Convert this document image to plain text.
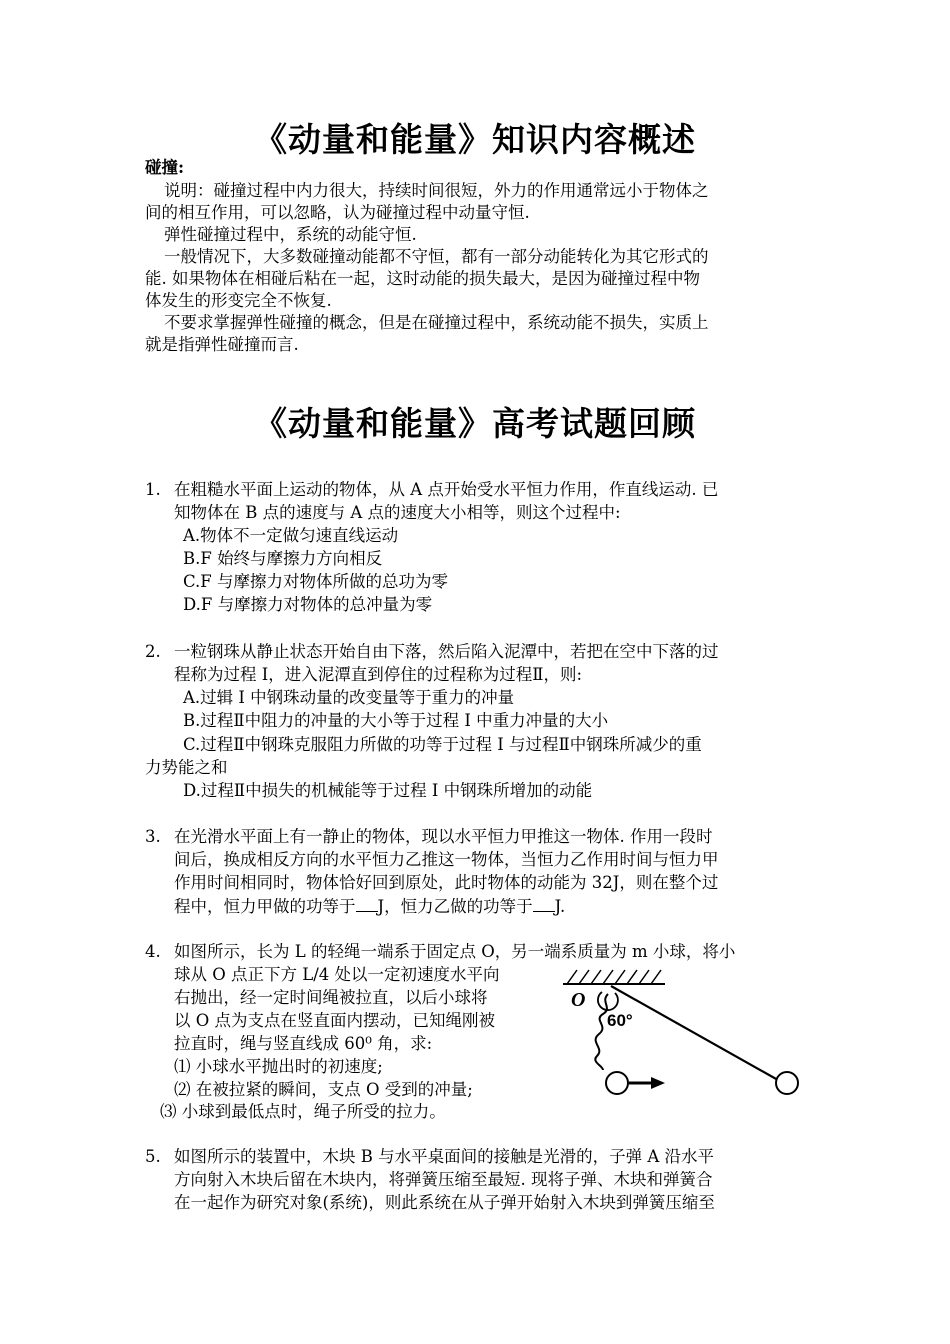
《动量和能量》知识内容概述
碰撞:
说明：碰撞过程中内力很大，持续时间很短，外力的作用通常远小于物体之
间的相互作用，可以忽略，认为碰撞过程中动量守恒.
弹性碰撞过程中，系统的动能守恒.
一般情况下，大多数碰撞动能都不守恒，都有一部分动能转化为其它形式的
能. 如果物体在相碰后粘在一起，这时动能的损失最大，是因为碰撞过程中物
体发生的形变完全不恢复.
不要求掌握弹性碰撞的概念，但是在碰撞过程中，系统动能不损失，实质上
就是指弹性碰撞而言.
《动量和能量》高考试题回顾
1. 在粗糙水平面上运动的物体，从 A 点开始受水平恒力作用，作直线运动. 已
知物体在 B 点的速度与 A 点的速度大小相等，则这个过程中:
A.物体不一定做匀速直线运动
B.F 始终与摩擦力方向相反
C.F 与摩擦力对物体所做的总功为零
D.F 与摩擦力对物体的总冲量为零
2. 一粒钢珠从静止状态开始自由下落，然后陷入泥潭中，若把在空中下落的过
程称为过程 I，进入泥潭直到停住的过程称为过程Ⅱ，则:
A.过辑 I 中钢珠动量的改变量等于重力的冲量
B.过程Ⅱ中阻力的冲量的大小等于过程 I 中重力冲量的大小
C.过程Ⅱ中钢珠克服阻力所做的功等于过程 I 与过程Ⅱ中钢珠所减少的重
力势能之和
D.过程Ⅱ中损失的机械能等于过程 I 中钢珠所增加的动能
3. 在光滑水平面上有一静止的物体，现以水平恒力甲推这一物体. 作用一段时
间后，换成相反方向的水平恒力乙推这一物体，当恒力乙作用时间与恒力甲
作用时间相同时，物体恰好回到原处，此时物体的动能为 32J，则在整个过
程中，恒力甲做的功等于 J，恒力乙做的功等于 J.
4. 如图所示，长为 L 的轻绳一端系于固定点 O，另一端系质量为 m 小球，将小
球从 O 点正下方 L/4 处以一定初速度水平向
右抛出，经一定时间绳被拉直，以后小球将
以 O 点为支点在竖直面内摆动，已知绳刚被
拉直时，绳与竖直线成 60⁰ 角，求:
⑴ 小球水平抛出时的初速度;
⑵ 在被拉紧的瞬间，支点 O 受到的冲量;
⑶ 小球到最低点时，绳子所受的拉力。
O
60°
5. 如图所示的装置中，木块 B 与水平桌面间的接触是光滑的，子弹 A 沿水平
方向射入木块后留在木块内，将弹簧压缩至最短. 现将子弹、木块和弹簧合
在一起作为研究对象(系统)，则此系统在从子弹开始射入木块到弹簧压缩至
